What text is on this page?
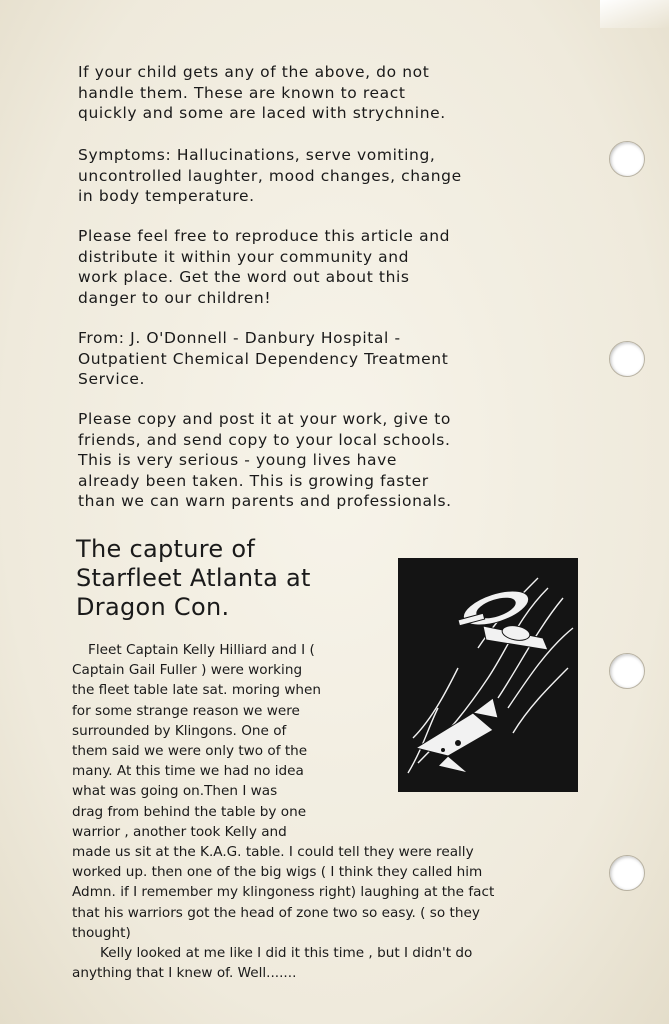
If your child gets any of the above, do not
handle them. These are known to react
quickly and some are laced with strychnine.
Symptoms: Hallucinations, serve vomiting,
uncontrolled laughter, mood changes, change
in body temperature.
Please feel free to reproduce this article and
distribute it within your community and
work place. Get the word out about this
danger to our children!
From: J. O'Donnell - Danbury Hospital -
Outpatient Chemical Dependency Treatment
Service.
Please copy and post it at your work, give to
friends, and send copy to your local schools.
This is very serious - young lives have
already been taken. This is growing faster
than we can warn parents and professionals.
The capture of
Starfleet Atlanta at
Dragon Con.
Fleet Captain Kelly Hilliard and I (
Captain Gail Fuller ) were working
the fleet table late sat. moring when
for some strange reason we were
surrounded by Klingons. One of
them said we were only two of the
many. At this time we had no idea
what was going on.Then I was
drag from behind the table by one
warrior , another took Kelly and
made us sit at the K.A.G. table. I could tell they were really
worked up. then one of the big wigs ( I think they called him
Admn. if I remember my klingoness right) laughing at the fact
that his warriors got the head of zone two so easy. ( so they
thought)
Kelly looked at me like I did it this time , but I didn't do
anything that I knew of. Well.......
